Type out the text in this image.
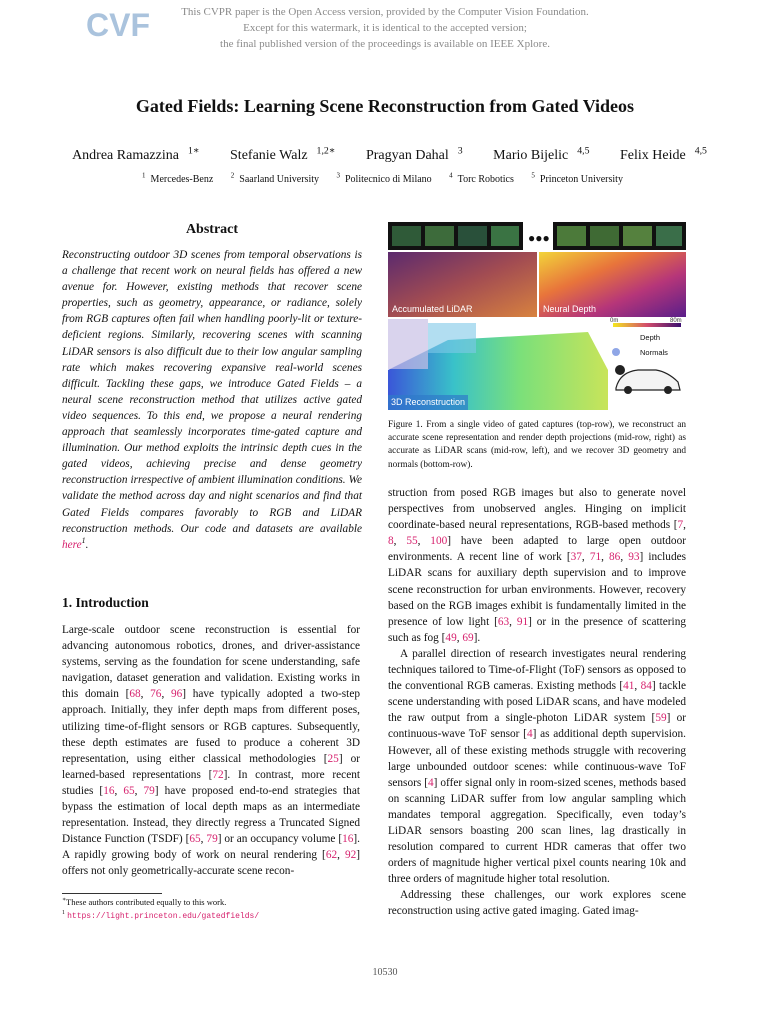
This CVPR paper is the Open Access version, provided by the Computer Vision Foundation.
Except for this watermark, it is identical to the accepted version;
the final published version of the proceedings is available on IEEE Xplore.
CVF
Gated Fields: Learning Scene Reconstruction from Gated Videos
Andrea Ramazzina $^{1∗}$ Stefanie Walz $^{1,2∗}$ Pragyan Dahal $^3$ Mario Bijelic $^{4,5}$ Felix Heide $^{4,5}$
$^1$ Mercedes-Benz	$^2$ Saarland University	$^3$ Politecnico di Milano	$^4$ Torc Robotics	$^5$ Princeton University
Abstract
Reconstructing outdoor 3D scenes from temporal observations is a challenge that recent work on neural fields has offered a new avenue for. However, existing methods that recover scene properties, such as geometry, appearance, or radiance, solely from RGB captures often fail when handling poorly-lit or texture-deficient regions. Similarly, recovering scenes with scanning LiDAR sensors is also difficult due to their low angular sampling rate which makes recovering expansive real-world scenes difficult. Tackling these gaps, we introduce Gated Fields – a neural scene reconstruction method that utilizes active gated video sequences. To this end, we propose a neural rendering approach that seamlessly incorporates time-gated capture and illumination. Our method exploits the intrinsic depth cues in the gated videos, achieving precise and dense geometry reconstruction irrespective of ambient illumination conditions. We validate the method across day and night scenarios and find that Gated Fields compares favorably to RGB and LiDAR reconstruction methods. Our code and datasets are available here$^1$.
1. Introduction
Large-scale outdoor scene reconstruction is essential for advancing autonomous robotics, drones, and driver-assistance systems, serving as the foundation for scene understanding, safe navigation, dataset generation and validation. Existing works in this domain [68, 76, 96] have typically adopted a two-step approach. Initially, they infer depth maps from different poses, utilizing time-of-flight sensors or RGB captures. Subsequently, these depth estimates are fused to produce a coherent 3D representation, using either classical methodologies [25] or learned-based representations [72]. In contrast, more recent studies [16, 65, 79] have proposed end-to-end strategies that bypass the estimation of local depth maps as an intermediate representation. Instead, they directly regress a Truncated Signed Distance Function (TSDF) [65, 79] or an occupancy volume [16]. A rapidly growing body of work on neural rendering [62, 92] offers not only geometrically-accurate scene recon-
∗These authors contributed equally to this work.
$^1$ https://light.princeton.edu/gatedfields/
●●●
Accumulated LiDAR	Neural Depth
3D Reconstruction
0m	80m
Depth
Normals
Figure 1. From a single video of gated captures (top-row), we reconstruct an accurate scene representation and render depth projections (mid-row, right) as accurate as LiDAR scans (mid-row, left), and we recover 3D geometry and normals (bottom-row).

struction from posed RGB images but also to generate novel perspectives from unobserved angles. Hinging on implicit coordinate-based neural representations, RGB-based methods [7, 8, 55, 100] have been adapted to large open outdoor environments. A recent line of work [37, 71, 86, 93] includes LiDAR scans for auxiliary depth supervision and to improve scene reconstruction for urban environments. However, recovery based on the RGB images exhibit is fundamentally limited in the presence of low light [63, 91] or in the presence of scattering such as fog [49, 69].

A parallel direction of research investigates neural rendering techniques tailored to Time-of-Flight (ToF) sensors as opposed to the conventional RGB cameras. Existing methods [41, 84] tackle scene understanding with posed LiDAR scans, and have modeled the raw output from a single-photon LiDAR system [59] or continuous-wave ToF sensor [4] as additional depth supervision. However, all of these existing methods struggle with recovering large unbounded outdoor scenes: while continuous-wave ToF sensors [4] offer signal only in room-sized scenes, methods based on scanning LiDAR suffer from low angular sampling which mandates temporal aggregation. Specifically, even today’s LiDAR sensors boasting 200 scan lines, lag drastically in resolution compared to current HDR cameras that offer two orders of magnitude higher vertical pixel counts nearing 10k and three orders of magnitude higher total resolution.

Addressing these challenges, our work explores scene reconstruction using active gated imaging. Gated imag-

10530
